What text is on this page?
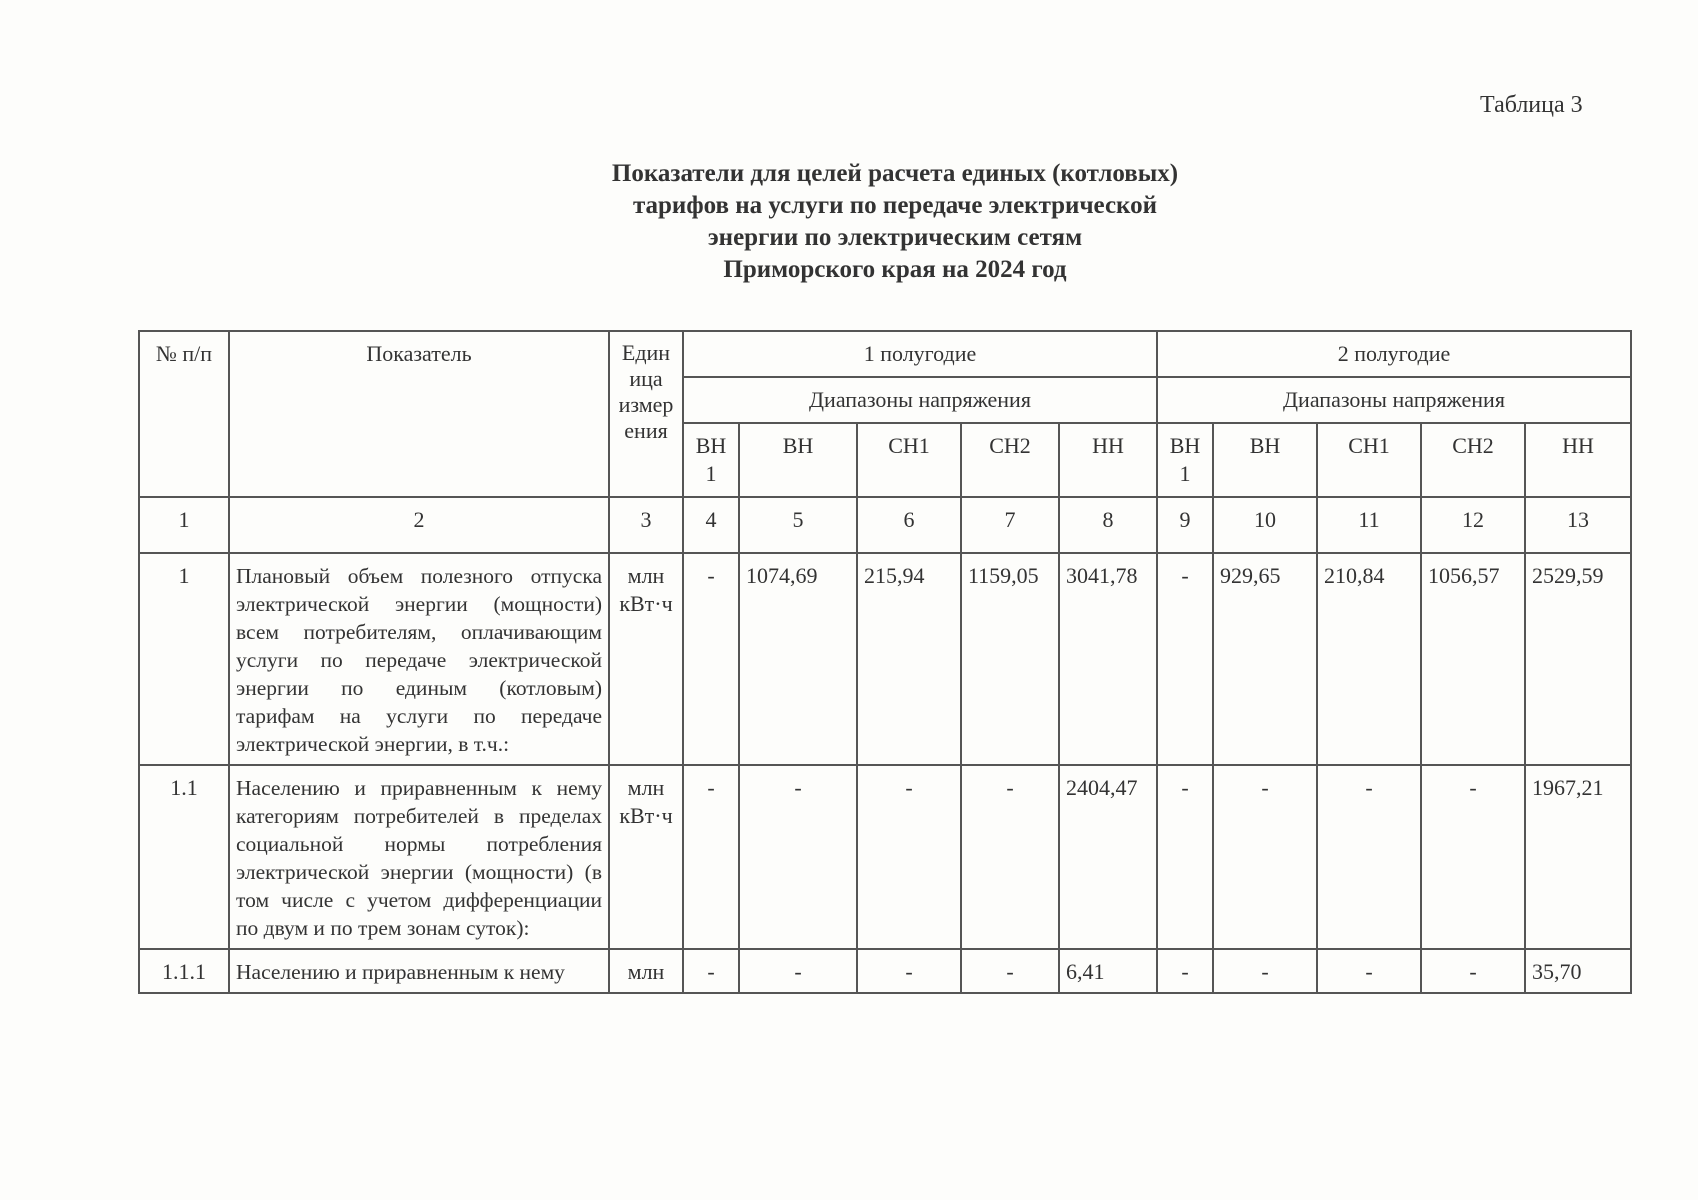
Таблица 3
Показатели для целей расчета единых (котловых)
тарифов на услуги по передаче электрической
энергии по электрическим сетям
Приморского края на 2024 год
№ п/п	Показатель	Един
ица
измер
ения	1 полугодие					2 полугодие				
			Диапазоны напряжения					Диапазоны напряжения				
			ВН 1	ВН	СН1	СН2	НН	ВН 1	ВН	СН1	СН2	НН
1	2	3	4	5	6	7	8	9	10	11	12	13
1	Плановый объем полезного отпуска электрической энергии (мощности) всем потребителям, оплачивающим услуги по передаче электрической энергии по единым (котловым) тарифам на услуги по передаче электрической энергии, в т.ч.:	млн кВт·ч	-	1074,69	215,94	1159,05	3041,78	-	929,65	210,84	1056,57	2529,59
1.1	Населению и приравненным к нему категориям потребителей в пределах социальной нормы потребления электрической энергии (мощности) (в том числе с учетом дифференциации по двум и по трем зонам суток):	млн кВт·ч	-	-	-	-	2404,47	-	-	-	-	1967,21
1.1.1	Населению и приравненным к нему	млн	-	-	-	-	6,41	-	-	-	-	35,70
